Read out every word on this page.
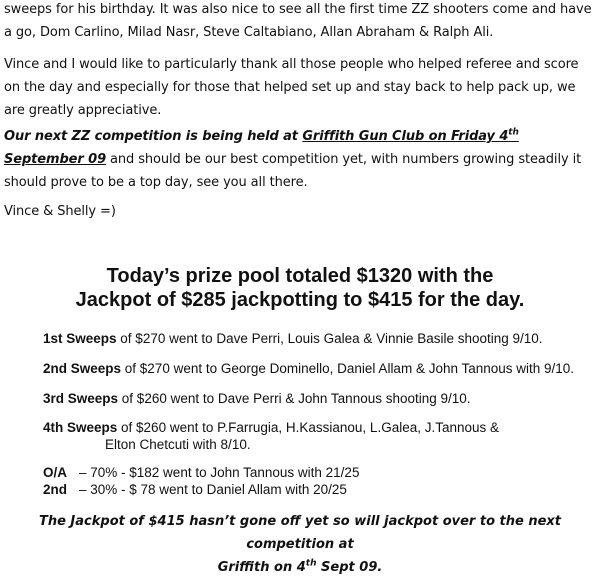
sweeps for his birthday. It was also nice to see all the first time ZZ shooters come and have a go, Dom Carlino, Milad Nasr, Steve Caltabiano, Allan Abraham & Ralph Ali.
Vince and I would like to particularly thank all those people who helped referee and score on the day and especially for those that helped set up and stay back to help pack up, we are greatly appreciative.
Our next ZZ competition is being held at Griffith Gun Club on Friday 4th September 09 and should be our best competition yet, with numbers growing steadily it should prove to be a top day, see you all there.
Vince & Shelly =)
Today’s prize pool totaled $1320 with the
Jackpot of $285 jackpotting to $415 for the day.
1st Sweeps of $270 went to Dave Perri, Louis Galea & Vinnie Basile shooting 9/10.
2nd Sweeps of $270 went to George Dominello, Daniel Allam & John Tannous with 9/10.
3rd Sweeps of $260 went to Dave Perri & John Tannous shooting 9/10.
4th Sweeps of $260 went to P.Farrugia, H.Kassianou, L.Galea, J.Tannous &
Elton Chetcuti with 8/10.
O/A – 70% - $182 went to John Tannous with 21/25
2nd – 30% - $ 78 went to Daniel Allam with 20/25
The Jackpot of $415 hasn’t gone off yet so will jackpot over to the next competition at
Griffith on 4th Sept 09.
